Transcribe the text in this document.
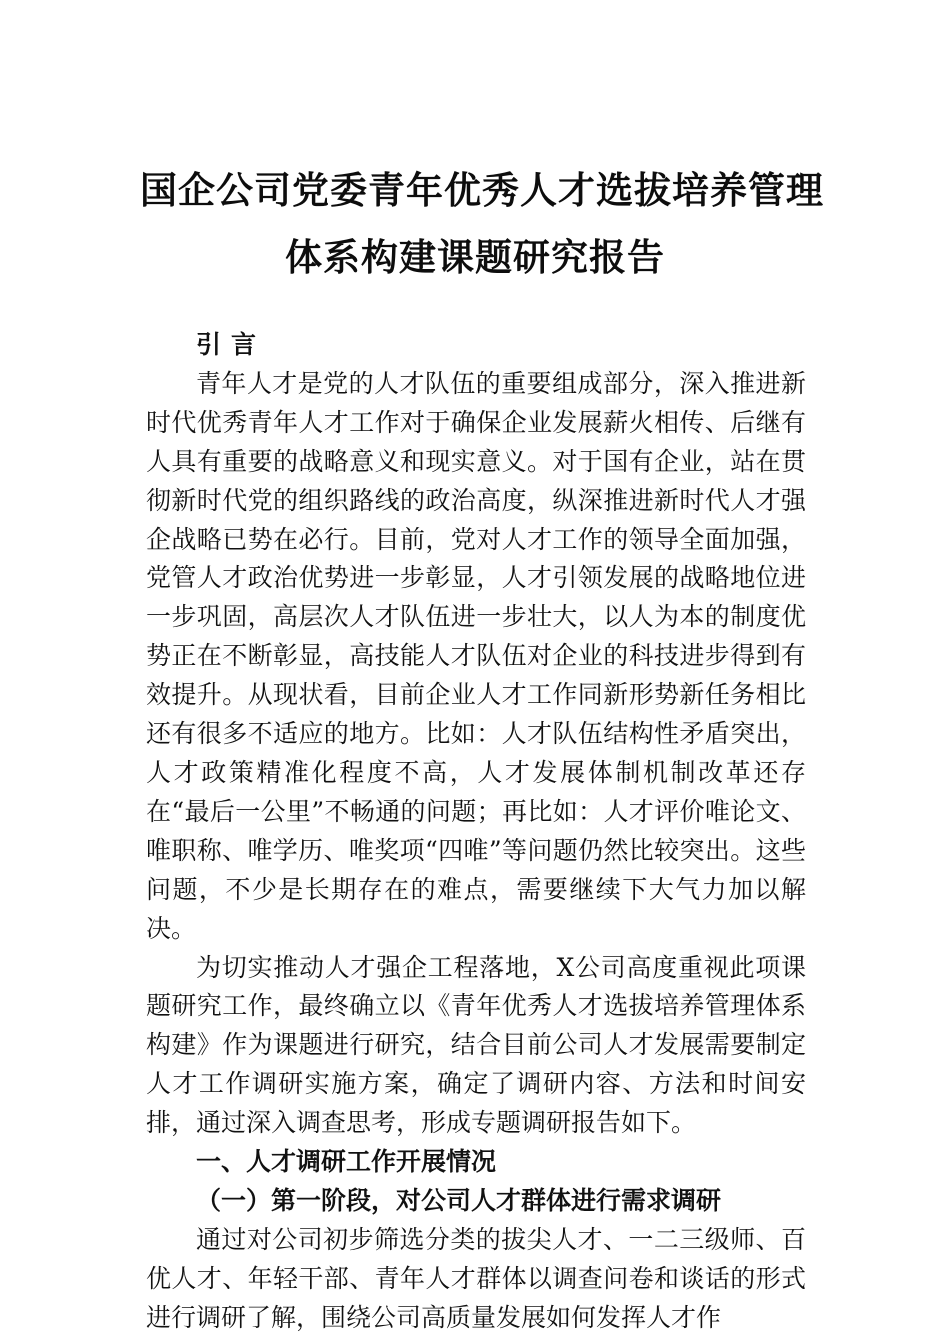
国企公司党委青年优秀人才选拔培养管理
体系构建课题研究报告

引言

青年人才是党的人才队伍的重要组成部分，深入推进新时代优秀青年人才工作对于确保企业发展薪火相传、后继有人具有重要的战略意义和现实意义。对于国有企业，站在贯彻新时代党的组织路线的政治高度，纵深推进新时代人才强企战略已势在必行。目前，党对人才工作的领导全面加强，党管人才政治优势进一步彰显，人才引领发展的战略地位进一步巩固，高层次人才队伍进一步壮大，以人为本的制度优势正在不断彰显，高技能人才队伍对企业的科技进步得到有效提升。从现状看，目前企业人才工作同新形势新任务相比还有很多不适应的地方。比如：人才队伍结构性矛盾突出，人才政策精准化程度不高，人才发展体制机制改革还存在“最后一公里”不畅通的问题；再比如：人才评价唯论文、唯职称、唯学历、唯奖项“四唯”等问题仍然比较突出。这些问题，不少是长期存在的难点，需要继续下大气力加以解决。

为切实推动人才强企工程落地，X公司高度重视此项课题研究工作，最终确立以《青年优秀人才选拔培养管理体系构建》作为课题进行研究，结合目前公司人才发展需要制定人才工作调研实施方案，确定了调研内容、方法和时间安排，通过深入调查思考，形成专题调研报告如下。

一、人才调研工作开展情况

（一）第一阶段，对公司人才群体进行需求调研

通过对公司初步筛选分类的拔尖人才、一二三级师、百优人才、年轻干部、青年人才群体以调查问卷和谈话的形式进行调研了解，围绕公司高质量发展如何发挥人才作
